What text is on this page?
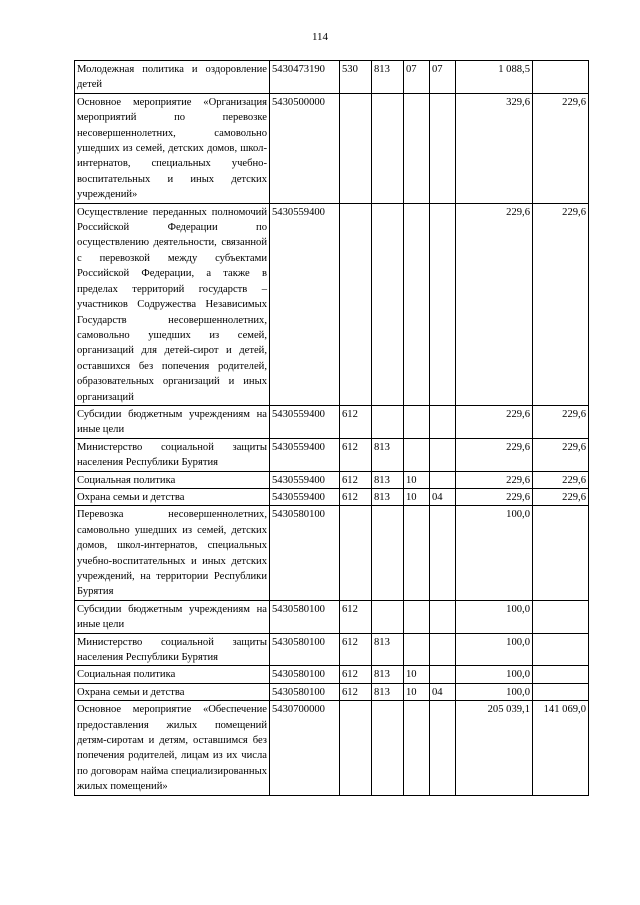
114
Молодежная политика и оздоровление детей	5430473190	530	813	07	07	1 088,5	
Основное мероприятие «Организация мероприятий по перевозке несовершеннолетних, самовольно ушедших из семей, детских домов, школ-интернатов, специальных учебно-воспитательных и иных детских учреждений»	5430500000					329,6	229,6
Осуществление переданных полномочий Российской Федерации по осуществлению деятельности, связанной с перевозкой между субъектами Российской Федерации, а также в пределах территорий государств – участников Содружества Независимых Государств несовершеннолетних, самовольно ушедших из семей, организаций для детей-сирот и детей, оставшихся без попечения родителей, образовательных организаций и иных организаций	5430559400					229,6	229,6
Субсидии бюджетным учреждениям на иные цели	5430559400	612				229,6	229,6
Министерство социальной защиты населения Республики Бурятия	5430559400	612	813			229,6	229,6
Социальная политика	5430559400	612	813	10		229,6	229,6
Охрана семьи и детства	5430559400	612	813	10	04	229,6	229,6
Перевозка несовершеннолетних, самовольно ушедших из семей, детских домов, школ-интернатов, специальных учебно-воспитательных и иных детских учреждений, на территории Республики Бурятия	5430580100					100,0	
Субсидии бюджетным учреждениям на иные цели	5430580100	612				100,0	
Министерство социальной защиты населения Республики Бурятия	5430580100	612	813			100,0	
Социальная политика	5430580100	612	813	10		100,0	
Охрана семьи и детства	5430580100	612	813	10	04	100,0	
Основное мероприятие «Обеспечение предоставления жилых помещений детям-сиротам и детям, оставшимся без попечения родителей, лицам из их числа по договорам найма специализированных жилых помещений»	5430700000					205 039,1	141 069,0
